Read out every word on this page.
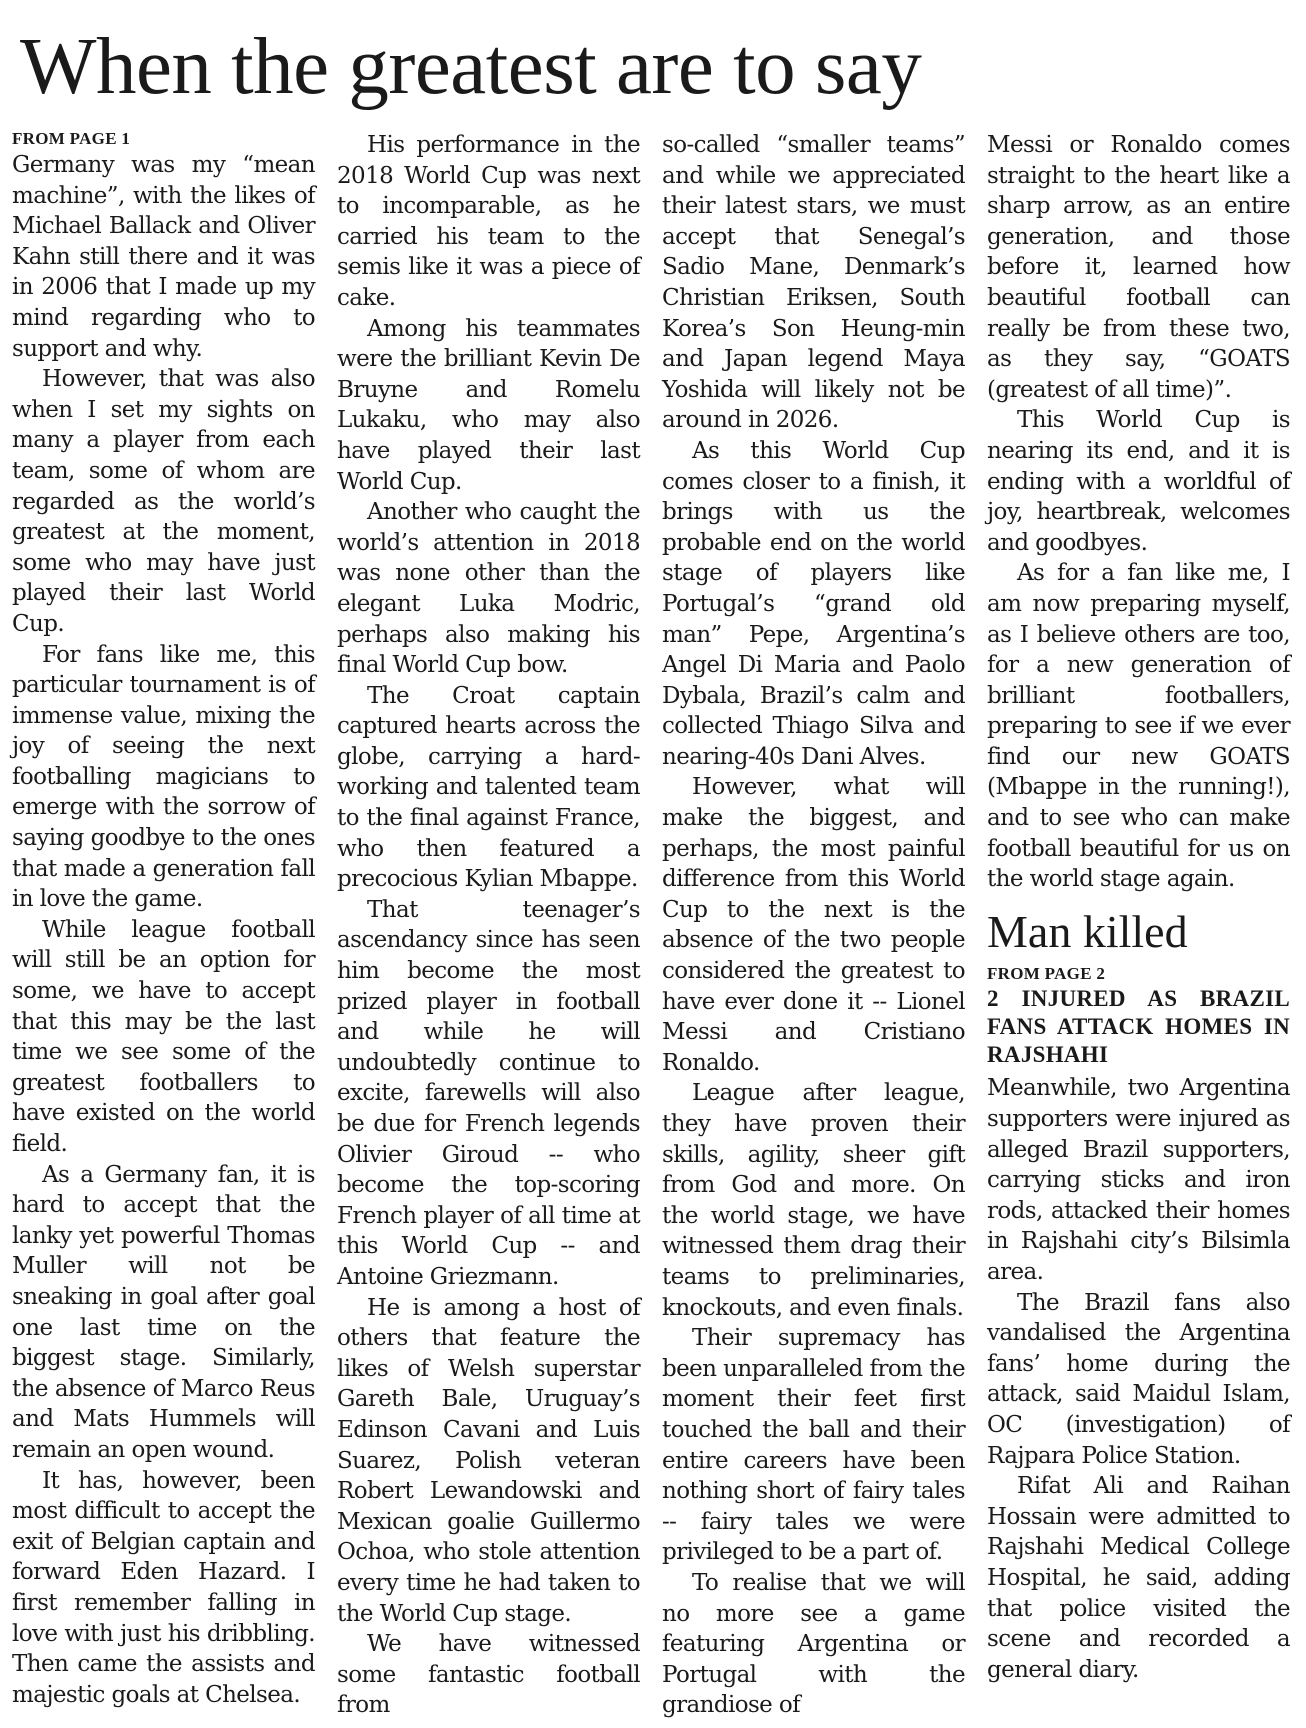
When the greatest are to say
FROM PAGE 1

Germany was my “mean machine”, with the likes of Michael Ballack and Oliver Kahn still there and it was in 2006 that I made up my mind regarding who to support and why.

However, that was also when I set my sights on many a player from each team, some of whom are regarded as the world’s greatest at the moment, some who may have just played their last World Cup.

For fans like me, this particular tournament is of immense value, mixing the joy of seeing the next footballing magicians to emerge with the sorrow of saying goodbye to the ones that made a generation fall in love the game.

While league football will still be an option for some, we have to accept that this may be the last time we see some of the greatest footballers to have existed on the world field.

As a Germany fan, it is hard to accept that the lanky yet powerful Thomas Muller will not be sneaking in goal after goal one last time on the biggest stage. Similarly, the absence of Marco Reus and Mats Hummels will remain an open wound.

It has, however, been most difficult to accept the exit of Belgian captain and forward Eden Hazard. I first remember falling in love with just his dribbling. Then came the assists and majestic goals at Chelsea.

His performance in the 2018 World Cup was next to incomparable, as he carried his team to the semis like it was a piece of cake.

Among his teammates were the brilliant Kevin De Bruyne and Romelu Lukaku, who may also have played their last World Cup.

Another who caught the world’s attention in 2018 was none other than the elegant Luka Modric, perhaps also making his final World Cup bow.

The Croat captain captured hearts across the globe, carrying a hard-working and talented team to the final against France, who then featured a precocious Kylian Mbappe.

That teenager’s ascendancy since has seen him become the most prized player in football and while he will undoubtedly continue to excite, farewells will also be due for French legends Olivier Giroud -- who become the top-scoring French player of all time at this World Cup -- and Antoine Griezmann.

He is among a host of others that feature the likes of Welsh superstar Gareth Bale, Uruguay’s Edinson Cavani and Luis Suarez, Polish veteran Robert Lewandowski and Mexican goalie Guillermo Ochoa, who stole attention every time he had taken to the World Cup stage.

We have witnessed some fantastic football from

so-called “smaller teams” and while we appreciated their latest stars, we must accept that Senegal’s Sadio Mane, Denmark’s Christian Eriksen, South Korea’s Son Heung-min and Japan legend Maya Yoshida will likely not be around in 2026.

As this World Cup comes closer to a finish, it brings with us the probable end on the world stage of players like Portugal’s “grand old man” Pepe, Argentina’s Angel Di Maria and Paolo Dybala, Brazil’s calm and collected Thiago Silva and nearing-40s Dani Alves.

However, what will make the biggest, and perhaps, the most painful difference from this World Cup to the next is the absence of the two people considered the greatest to have ever done it -- Lionel Messi and Cristiano Ronaldo.

League after league, they have proven their skills, agility, sheer gift from God and more. On the world stage, we have witnessed them drag their teams to preliminaries, knockouts, and even finals.

Their supremacy has been unparalleled from the moment their feet first touched the ball and their entire careers have been nothing short of fairy tales -- fairy tales we were privileged to be a part of.

To realise that we will no more see a game featuring Argentina or Portugal with the grandiose of

Messi or Ronaldo comes straight to the heart like a sharp arrow, as an entire generation, and those before it, learned how beautiful football can really be from these two, as they say, “GOATS (greatest of all time)”.

This World Cup is nearing its end, and it is ending with a worldful of joy, heartbreak, welcomes and goodbyes.

As for a fan like me, I am now preparing myself, as I believe others are too, for a new generation of brilliant footballers, preparing to see if we ever find our new GOATS (Mbappe in the running!), and to see who can make football beautiful for us on the world stage again.

Man killed
FROM PAGE 2
2 INJURED AS BRAZIL FANS ATTACK HOMES IN RAJSHAHI

Meanwhile, two Argentina supporters were injured as alleged Brazil supporters, carrying sticks and iron rods, attacked their homes in Rajshahi city’s Bilsimla area.

The Brazil fans also vandalised the Argentina fans’ home during the attack, said Maidul Islam, OC (investigation) of Rajpara Police Station.

Rifat Ali and Raihan Hossain were admitted to Rajshahi Medical College Hospital, he said, adding that police visited the scene and recorded a general diary.
